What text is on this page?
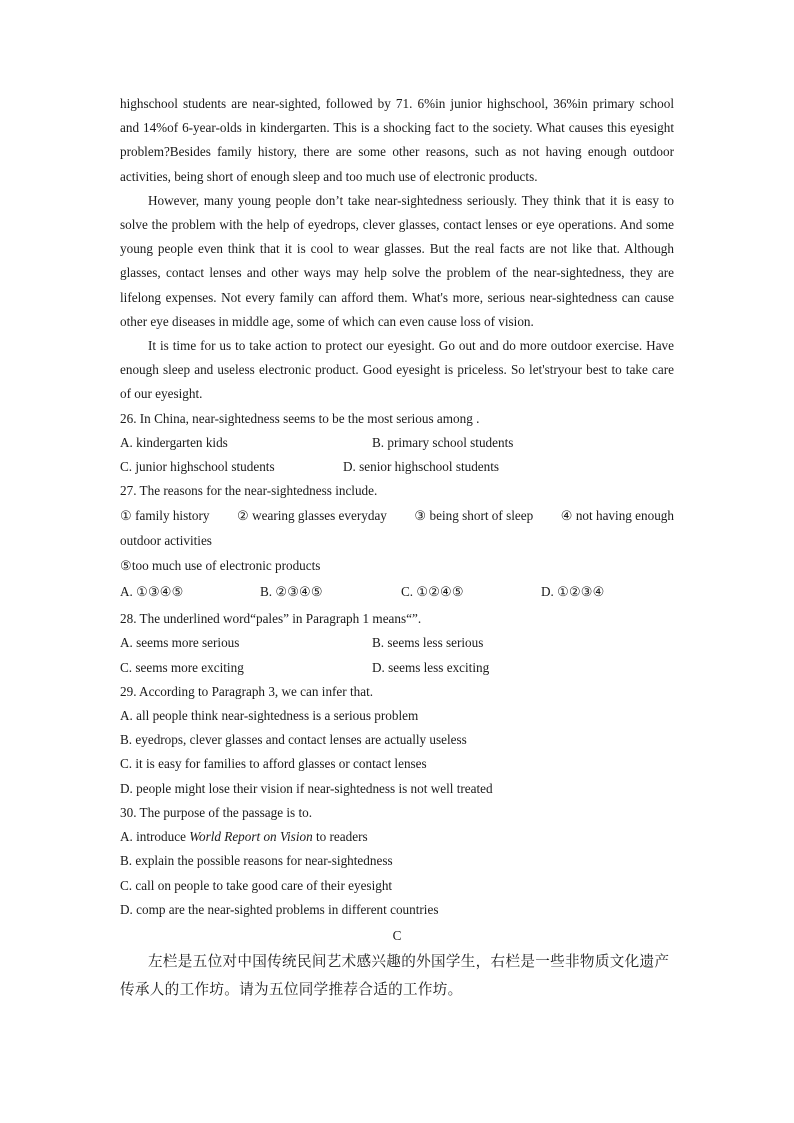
highschool students are near-sighted, followed by 71. 6%in junior highschool, 36%in primary school and 14%of 6-year-olds in kindergarten. This is a shocking fact to the society. What causes this eyesight problem?Besides family history, there are some other reasons, such as not having enough outdoor activities, being short of enough sleep and too much use of electronic products.

However, many young people don’t take near-sightedness seriously. They think that it is easy to solve the problem with the help of eyedrops, clever glasses, contact lenses or eye operations. And some young people even think that it is cool to wear glasses. But the real facts are not like that. Although glasses, contact lenses and other ways may help solve the problem of the near-sightedness, they are lifelong expenses. Not every family can afford them. What's more, serious near-sightedness can cause other eye diseases in middle age, some of which can even cause loss of vision.

It is time for us to take action to protect our eyesight. Go out and do more outdoor exercise. Have enough sleep and useless electronic product. Good eyesight is priceless. So let'stryour best to take care of our eyesight.

26. In China, near-sightedness seems to be the most serious among .
A. kindergarten kids	B. primary school students
C. junior highschool students	D. senior highschool students
27. The reasons for the near-sightedness include.
① family history ② wearing glasses everyday ③ being short of sleep ④ not having enough
outdoor activities
⑤too much use of electronic products
A. ①③④⑤	B. ②③④⑤	C. ①②④⑤	D. ①②③④
28. The underlined word“pales” in Paragraph 1 means“”.
A. seems more serious	B. seems less serious
C. seems more exciting	D. seems less exciting
29. According to Paragraph 3, we can infer that.
A. all people think near-sightedness is a serious problem
B. eyedrops, clever glasses and contact lenses are actually useless
C. it is easy for families to afford glasses or contact lenses
D. people might lose their vision if near-sightedness is not well treated
30. The purpose of the passage is to.
A. introduce World Report on Vision to readers
B. explain the possible reasons for near-sightedness
C. call on people to take good care of their eyesight
D. comp are the near-sighted problems in different countries
C

左栏是五位对中国传统民间艺术感兴趣的外国学生，右栏是一些非物质文化遗产传承人的工作坊。请为五位同学推荐合适的工作坊。
